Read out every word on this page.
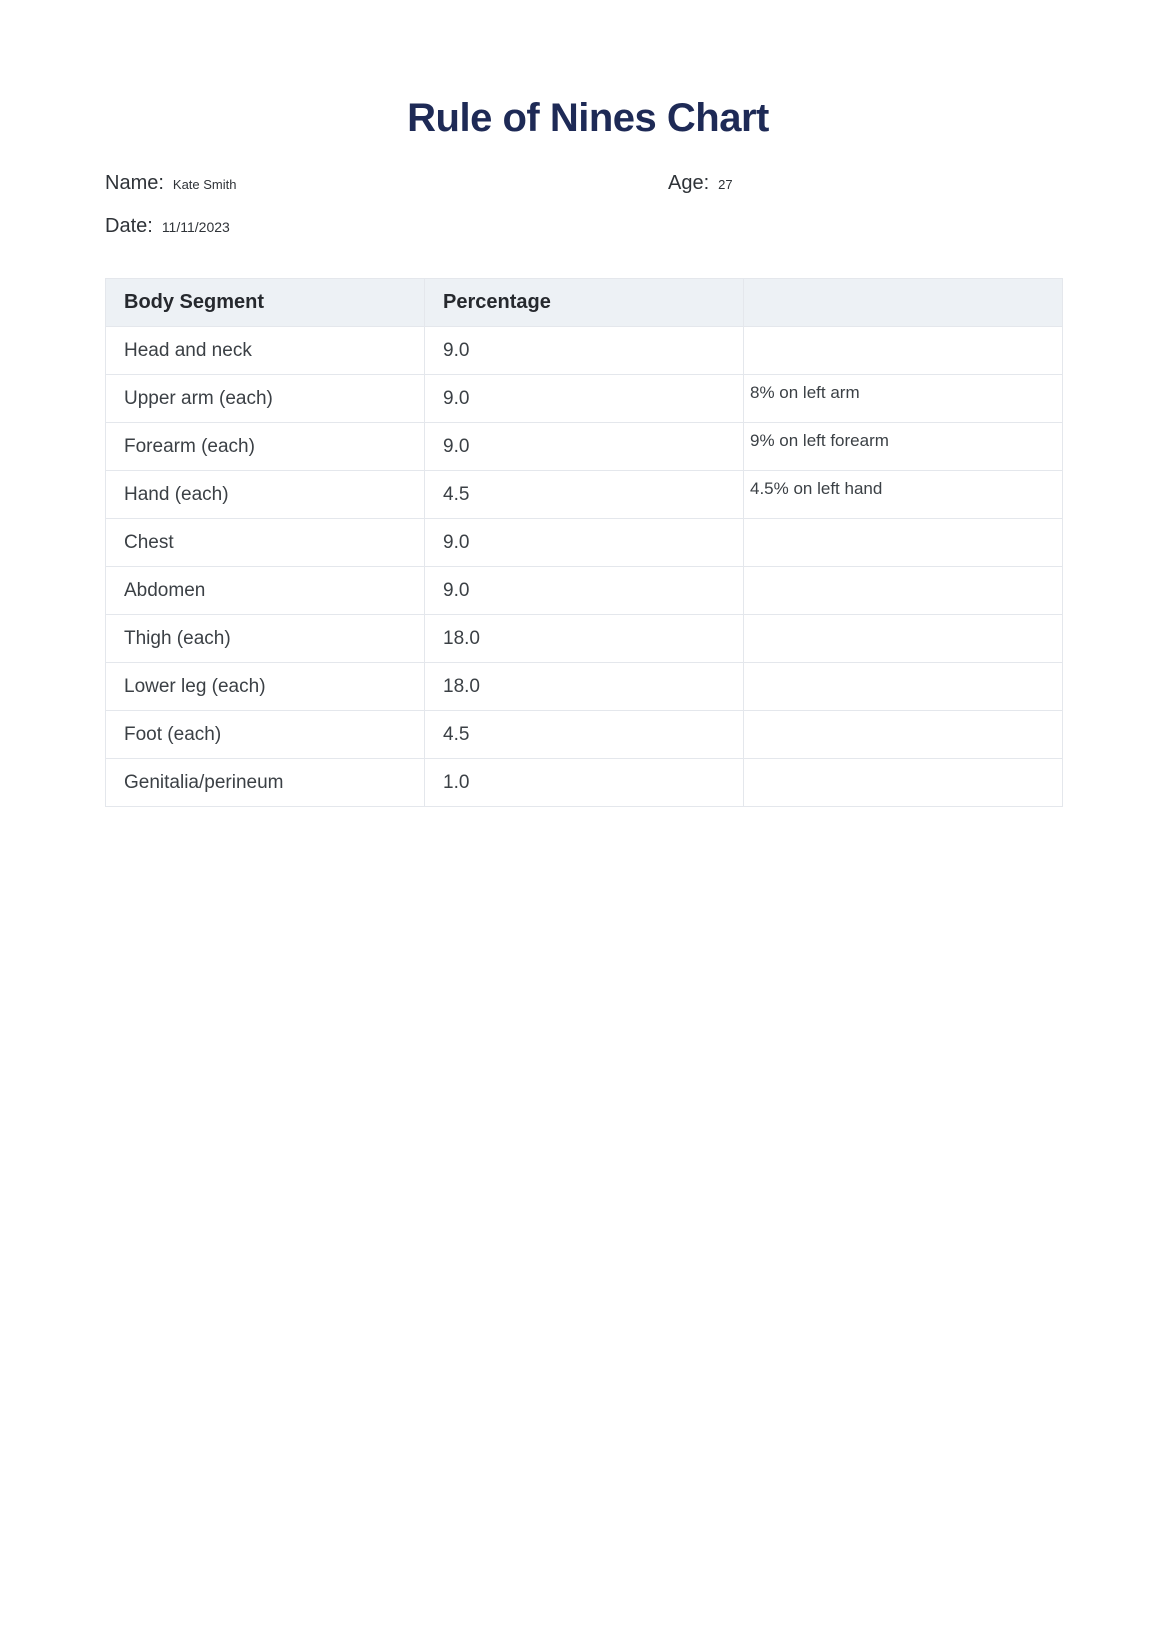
Rule of Nines Chart
Name: Kate Smith	Age: 27
Date: 11/11/2023
Body Segment	Percentage	
Head and neck	9.0	
Upper arm (each)	9.0	8% on left arm
Forearm (each)	9.0	9% on left forearm
Hand (each)	4.5	4.5% on left hand
Chest	9.0	
Abdomen	9.0	
Thigh (each)	18.0	
Lower leg (each)	18.0	
Foot (each)	4.5	
Genitalia/perineum	1.0	
